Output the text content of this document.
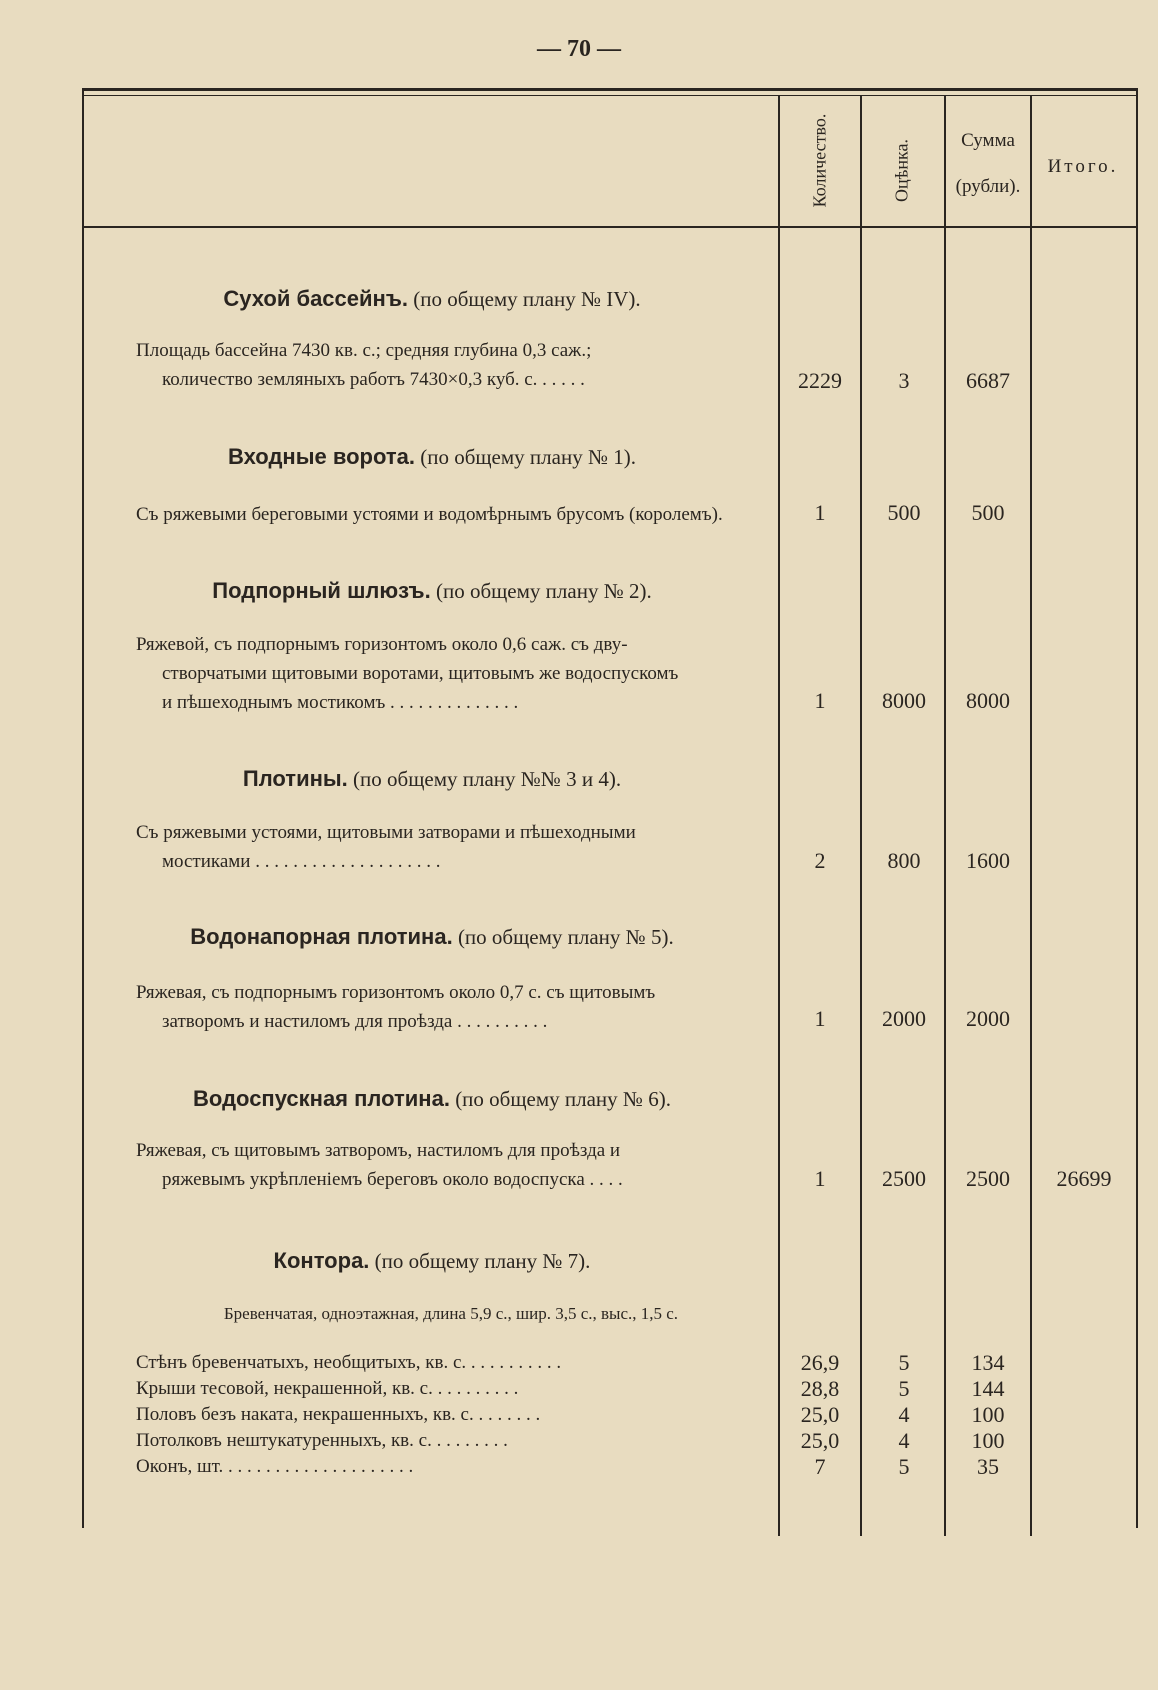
— 70 —
Количество.	Оцѣнка.	Сумма
(рубли).
Итого.
Сухой бассейнъ. (по общему плану № IV).
Площадь бассейна 7430 кв. с.; средняя глубина 0,3 саж.;
количество земляныхъ работъ 7430×0,3 куб. с. . . . . .	2229	3	6687
Входные ворота. (по общему плану № 1).
Съ ряжевыми береговыми устоями и водомѣрнымъ брусомъ (королемъ).	1	500	500
Подпорный шлюзъ. (по общему плану № 2).
Ряжевой, съ подпорнымъ горизонтомъ около 0,6 саж. съ дву-
створчатыми щитовыми воротами, щитовымъ же водоспускомъ
и пѣшеходнымъ мостикомъ . . . . . . . . . . . . . .	1	8000	8000
Плотины. (по общему плану №№ 3 и 4).
Съ ряжевыми устоями, щитовыми затворами и пѣшеходными
мостиками . . . . . . . . . . . . . . . . . . . .	2	800	1600
Водонапорная плотина. (по общему плану № 5).
Ряжевая, съ подпорнымъ горизонтомъ около 0,7 с. съ щитовымъ
затворомъ и настиломъ для проѣзда . . . . . . . . . .	1	2000	2000
Водоспускная плотина. (по общему плану № 6).
Ряжевая, съ щитовымъ затворомъ, настиломъ для проѣзда и
ряжевымъ укрѣпленіемъ береговъ около водоспуска . . . .	1	2500	2500	26699
Контора. (по общему плану № 7).
Бревенчатая, одноэтажная, длина 5,9 с., шир. 3,5 с., выс., 1,5 с.
Стѣнъ бревенчатыхъ, необщитыхъ, кв. с. . . . . . . . . . .	26,9	5	134
Крыши тесовой, некрашенной, кв. с. . . . . . . . . .	28,8	5	144
Половъ безъ наката, некрашенныхъ, кв. с. . . . . . . .	25,0	4	100
Потолковъ нештукатуренныхъ, кв. с. . . . . . . . .	25,0	4	100
Оконъ, шт. . . . . . . . . . . . . . . . . . . . .	7	5	35
